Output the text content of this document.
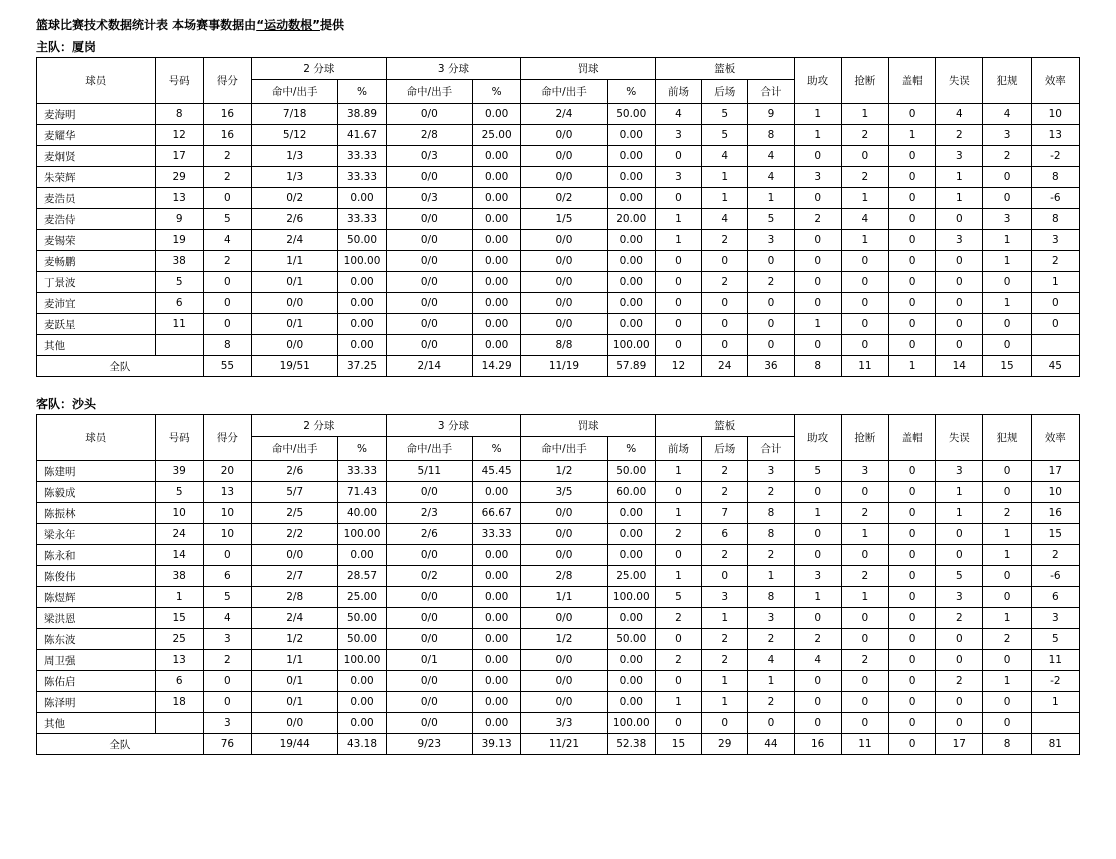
篮球比赛技术数据统计表 本场赛事数据由“运动数根”提供
主队：厦岗
球员	号码	得分	2 分球		3 分球		罚球		篮板			助攻	抢断	盖帽	失误	犯规	效率
			命中/出手	%	命中/出手	%	命中/出手	%	前场	后场	合计						
麦海明	8	16	7/18	38.89	0/0	0.00	2/4	50.00	4	5	9	1	1	0	4	4	10
麦耀华	12	16	5/12	41.67	2/8	25.00	0/0	0.00	3	5	8	1	2	1	2	3	13
麦炯贤	17	2	1/3	33.33	0/3	0.00	0/0	0.00	0	4	4	0	0	0	3	2	-2
朱荣辉	29	2	1/3	33.33	0/0	0.00	0/0	0.00	3	1	4	3	2	0	1	0	8
麦浩员	13	0	0/2	0.00	0/3	0.00	0/2	0.00	0	1	1	0	1	0	1	0	-6
麦浩侍	9	5	2/6	33.33	0/0	0.00	1/5	20.00	1	4	5	2	4	0	0	3	8
麦锡荣	19	4	2/4	50.00	0/0	0.00	0/0	0.00	1	2	3	0	1	0	3	1	3
麦畅鹏	38	2	1/1	100.00	0/0	0.00	0/0	0.00	0	0	0	0	0	0	0	1	2
丁景波	5	0	0/1	0.00	0/0	0.00	0/0	0.00	0	2	2	0	0	0	0	0	1
麦沛宜	6	0	0/0	0.00	0/0	0.00	0/0	0.00	0	0	0	0	0	0	0	1	0
麦跃星	11	0	0/1	0.00	0/0	0.00	0/0	0.00	0	0	0	1	0	0	0	0	0
其他		8	0/0	0.00	0/0	0.00	8/8	100.00	0	0	0	0	0	0	0	0	
全队		55	19/51	37.25	2/14	14.29	11/19	57.89	12	24	36	8	11	1	14	15	45
客队：沙头
球员	号码	得分	2 分球		3 分球		罚球		篮板			助攻	抢断	盖帽	失误	犯规	效率
			命中/出手	%	命中/出手	%	命中/出手	%	前场	后场	合计						
陈建明	39	20	2/6	33.33	5/11	45.45	1/2	50.00	1	2	3	5	3	0	3	0	17
陈毅成	5	13	5/7	71.43	0/0	0.00	3/5	60.00	0	2	2	0	0	0	1	0	10
陈振林	10	10	2/5	40.00	2/3	66.67	0/0	0.00	1	7	8	1	2	0	1	2	16
梁永年	24	10	2/2	100.00	2/6	33.33	0/0	0.00	2	6	8	0	1	0	0	1	15
陈永和	14	0	0/0	0.00	0/0	0.00	0/0	0.00	0	2	2	0	0	0	0	1	2
陈俊伟	38	6	2/7	28.57	0/2	0.00	2/8	25.00	1	0	1	3	2	0	5	0	-6
陈煜辉	1	5	2/8	25.00	0/0	0.00	1/1	100.00	5	3	8	1	1	0	3	0	6
梁洪恩	15	4	2/4	50.00	0/0	0.00	0/0	0.00	2	1	3	0	0	0	2	1	3
陈东波	25	3	1/2	50.00	0/0	0.00	1/2	50.00	0	2	2	2	0	0	0	2	5
周卫强	13	2	1/1	100.00	0/1	0.00	0/0	0.00	2	2	4	4	2	0	0	0	11
陈佑启	6	0	0/1	0.00	0/0	0.00	0/0	0.00	0	1	1	0	0	0	2	1	-2
陈泽明	18	0	0/1	0.00	0/0	0.00	0/0	0.00	1	1	2	0	0	0	0	0	1
其他		3	0/0	0.00	0/0	0.00	3/3	100.00	0	0	0	0	0	0	0	0	
全队		76	19/44	43.18	9/23	39.13	11/21	52.38	15	29	44	16	11	0	17	8	81
